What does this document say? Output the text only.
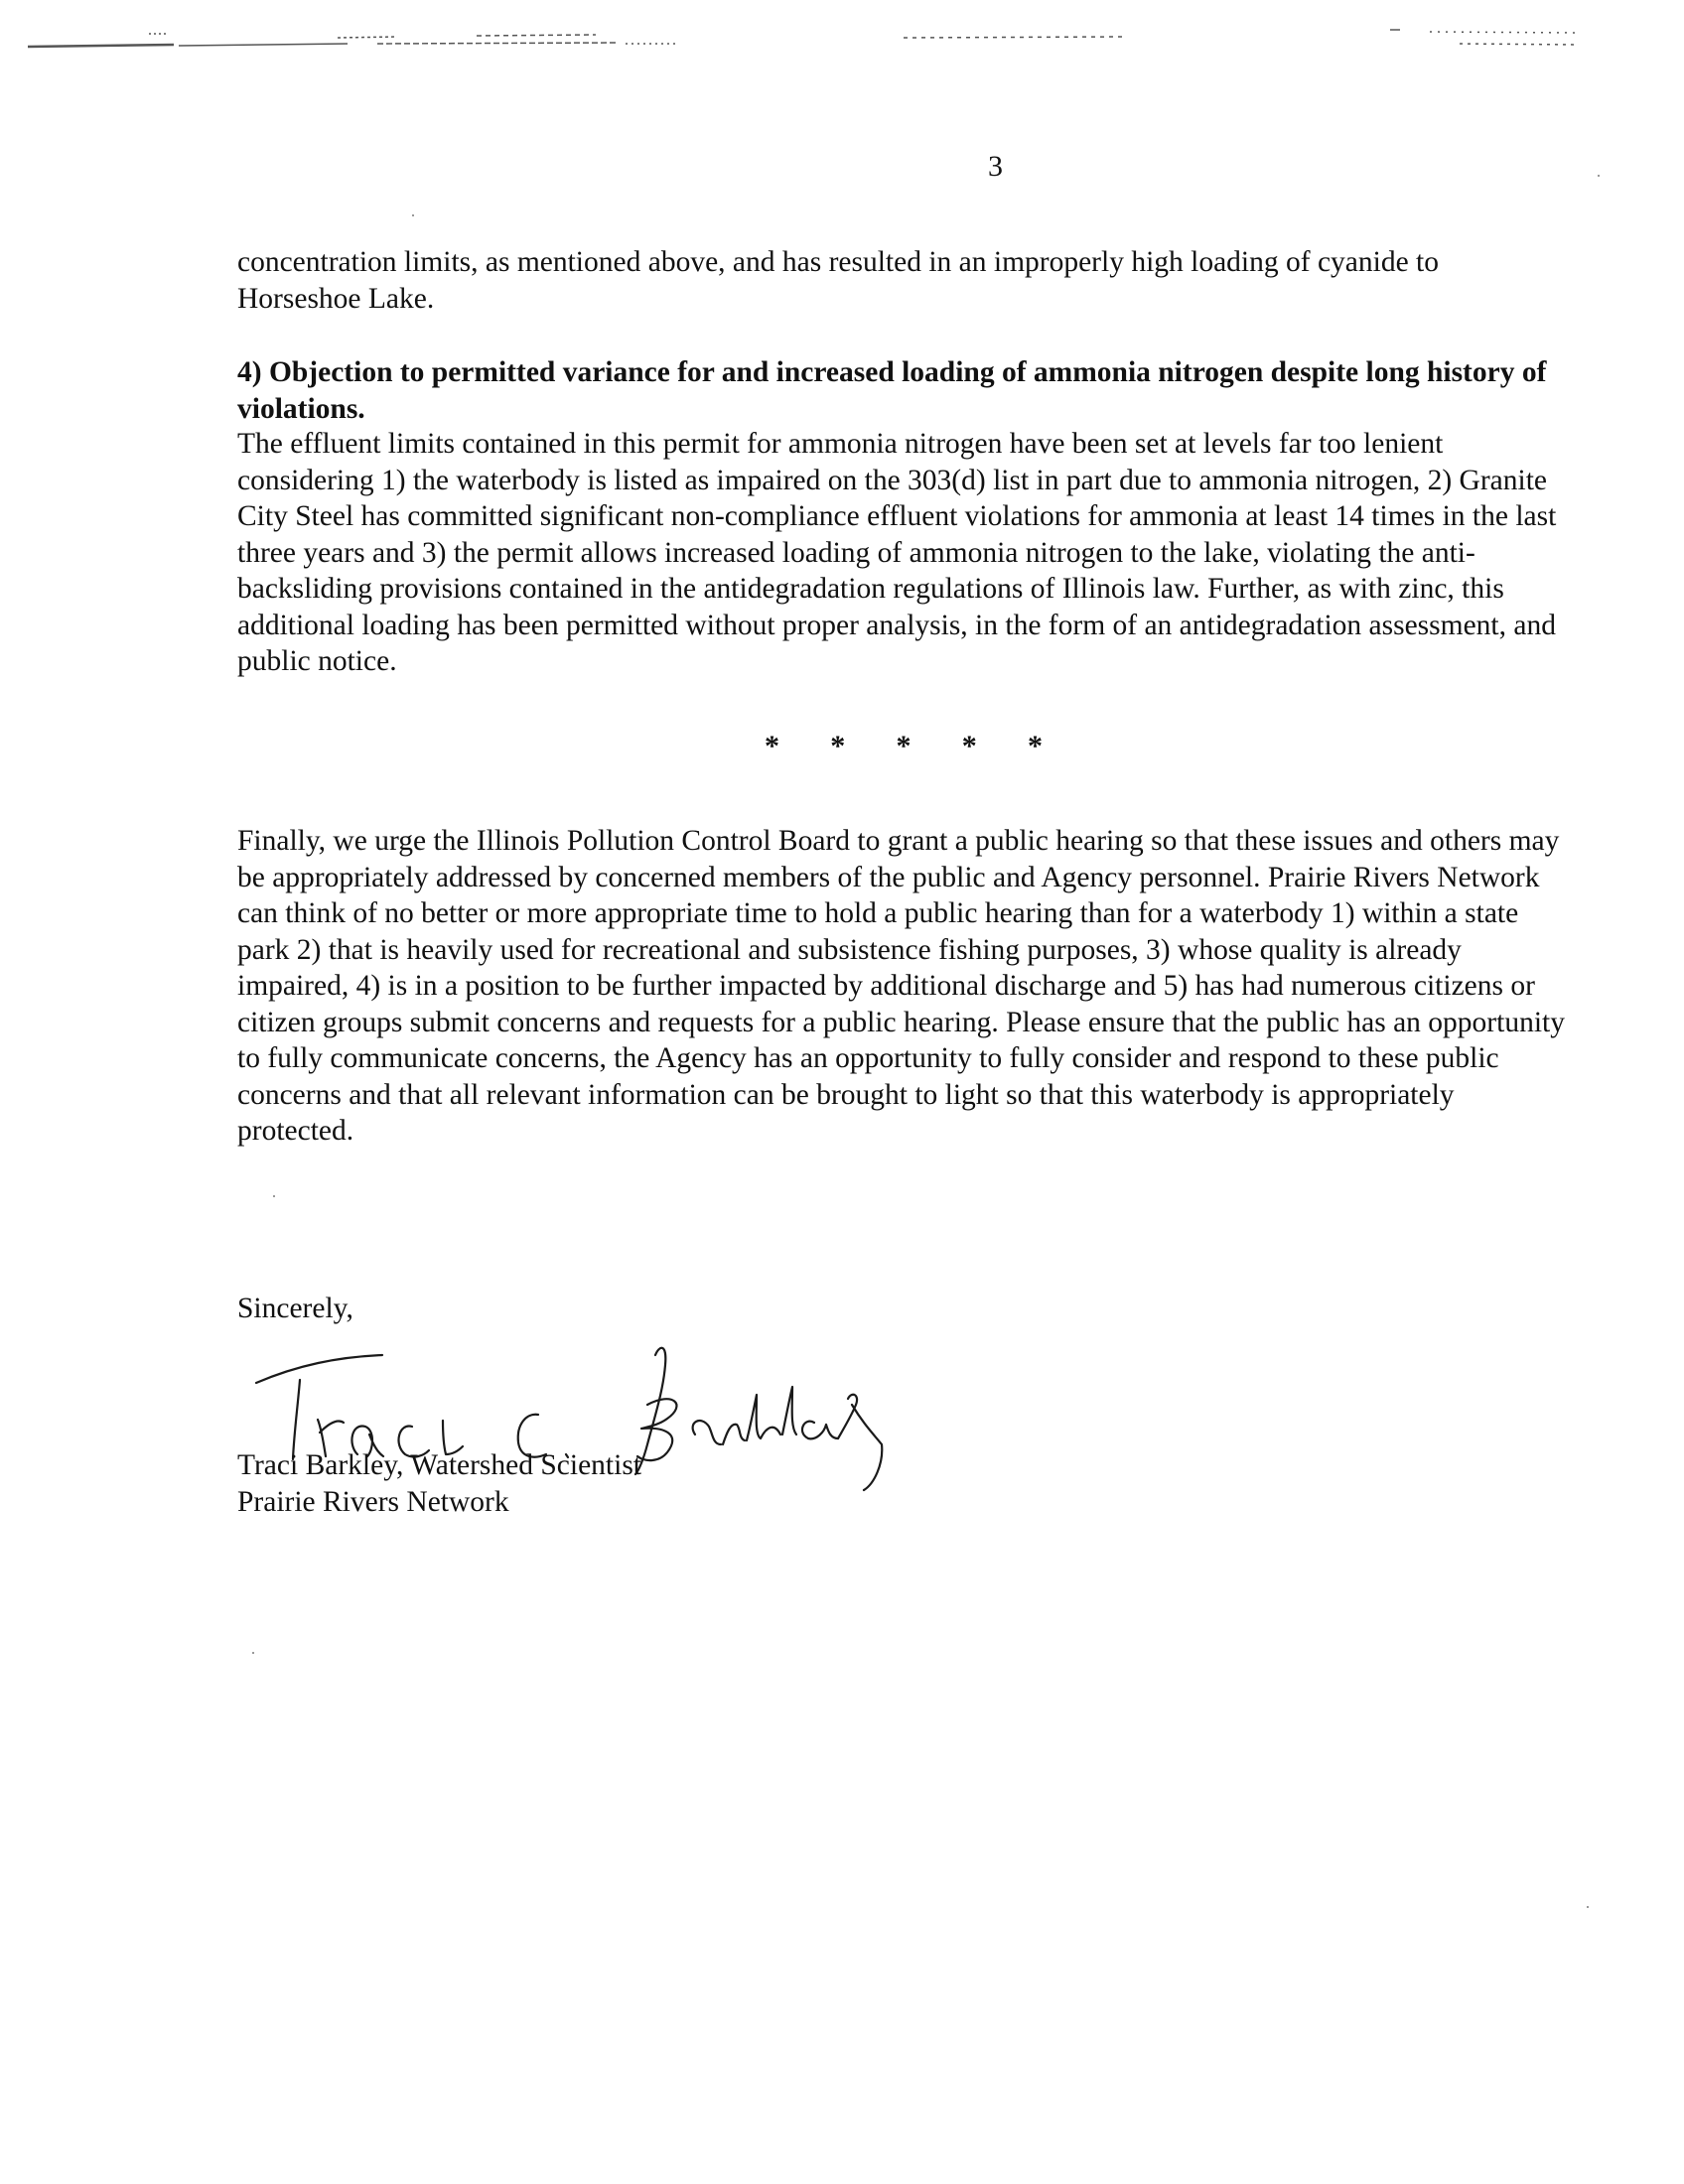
3

concentration limits, as mentioned above, and has resulted in an improperly high loading of cyanide to Horseshoe Lake.

4) Objection to permitted variance for and increased loading of ammonia nitrogen despite long history of violations.

The effluent limits contained in this permit for ammonia nitrogen have been set at levels far too lenient considering 1) the waterbody is listed as impaired on the 303(d) list in part due to ammonia nitrogen, 2) Granite City Steel has committed significant non-compliance effluent violations for ammonia at least 14 times in the last three years and 3) the permit allows increased loading of ammonia nitrogen to the lake, violating the anti-backsliding provisions contained in the antidegradation regulations of Illinois law. Further, as with zinc, this additional loading has been permitted without proper analysis, in the form of an antidegradation assessment, and public notice.

* * * * *

Finally, we urge the Illinois Pollution Control Board to grant a public hearing so that these issues and others may be appropriately addressed by concerned members of the public and Agency personnel. Prairie Rivers Network can think of no better or more appropriate time to hold a public hearing than for a waterbody 1) within a state park 2) that is heavily used for recreational and subsistence fishing purposes, 3) whose quality is already impaired, 4) is in a position to be further impacted by additional discharge and 5) has had numerous citizens or citizen groups submit concerns and requests for a public hearing. Please ensure that the public has an opportunity to fully communicate concerns, the Agency has an opportunity to fully consider and respond to these public concerns and that all relevant information can be brought to light so that this waterbody is appropriately protected.

Sincerely,
Traci Barkley, Watershed Scientist
Prairie Rivers Network
